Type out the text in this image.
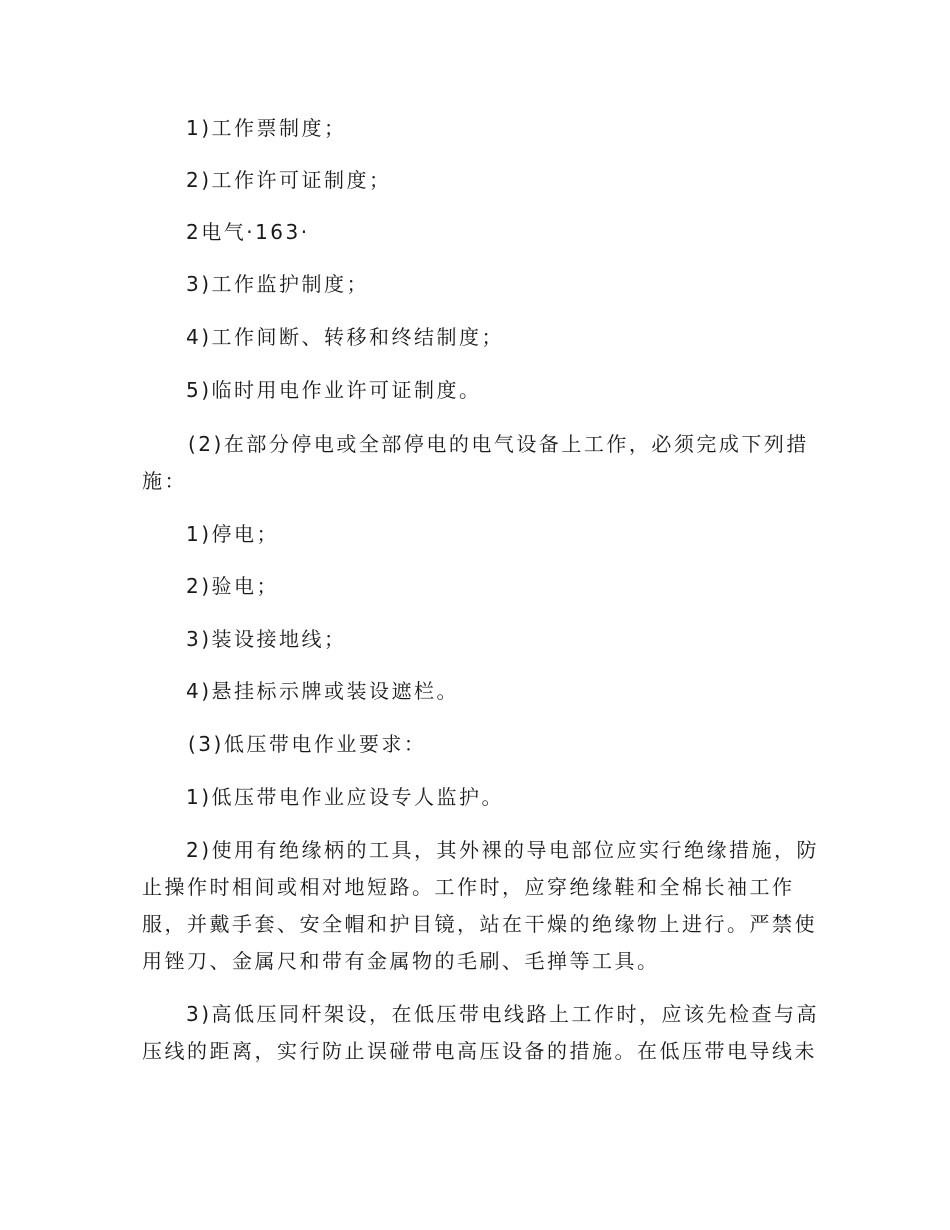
1)工作票制度；
2)工作许可证制度；
2电气·163·
3)工作监护制度；
4)工作间断、转移和终结制度；
5)临时用电作业许可证制度。
(2)在部分停电或全部停电的电气设备上工作，必须完成下列措
施：
1)停电；
2)验电；
3)装设接地线；
4)悬挂标示牌或装设遮栏。
(3)低压带电作业要求：
1)低压带电作业应设专人监护。
2)使用有绝缘柄的工具，其外裸的导电部位应实行绝缘措施，防
止操作时相间或相对地短路。工作时，应穿绝缘鞋和全棉长袖工作
服，并戴手套、安全帽和护目镜，站在干燥的绝缘物上进行。严禁使
用锉刀、金属尺和带有金属物的毛刷、毛掸等工具。
3)高低压同杆架设，在低压带电线路上工作时，应该先检查与高
压线的距离，实行防止误碰带电高压设备的措施。在低压带电导线未
